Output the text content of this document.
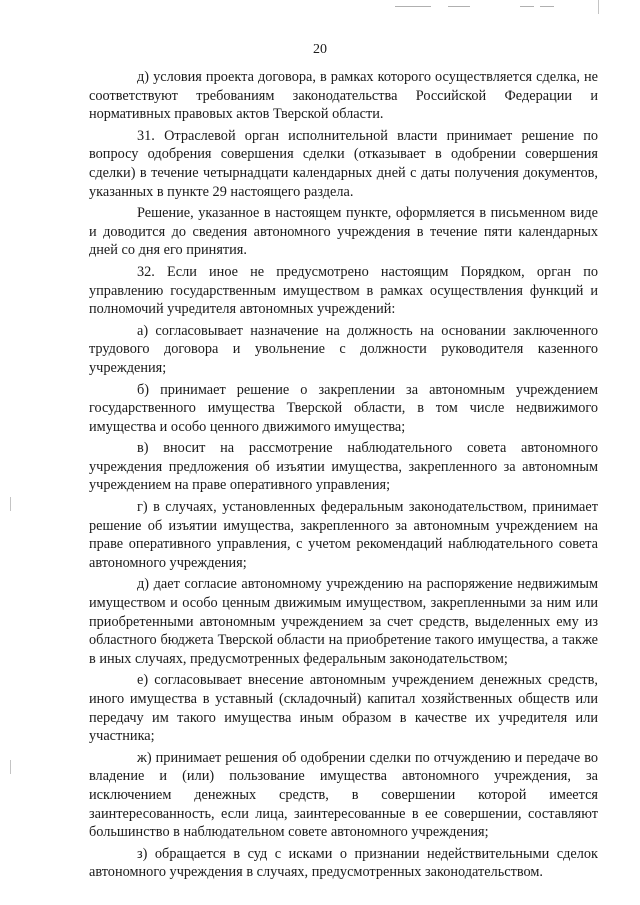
20

д) условия проекта договора, в рамках которого осуществляется сделка, не соответствуют требованиям законодательства Российской Федерации и нормативных правовых актов Тверской области.

31. Отраслевой орган исполнительной власти принимает решение по вопросу одобрения совершения сделки (отказывает в одобрении совершения сделки) в течение четырнадцати календарных дней с даты получения документов, указанных в пункте 29 настоящего раздела.

Решение, указанное в настоящем пункте, оформляется в письменном виде и доводится до сведения автономного учреждения в течение пяти календарных дней со дня его принятия.

32. Если иное не предусмотрено настоящим Порядком, орган по управлению государственным имуществом в рамках осуществления функций и полномочий учредителя автономных учреждений:

а) согласовывает назначение на должность на основании заключенного трудового договора и увольнение с должности руководителя казенного учреждения;

б) принимает решение о закреплении за автономным учреждением государственного имущества Тверской области, в том числе недвижимого имущества и особо ценного движимого имущества;

в) вносит на рассмотрение наблюдательного совета автономного учреждения предложения об изъятии имущества, закрепленного за автономным учреждением на праве оперативного управления;

г) в случаях, установленных федеральным законодательством, принимает решение об изъятии имущества, закрепленного за автономным учреждением на праве оперативного управления, с учетом рекомендаций наблюдательного совета автономного учреждения;

д) дает согласие автономному учреждению на распоряжение недвижимым имуществом и особо ценным движимым имуществом, закрепленными за ним или приобретенными автономным учреждением за счет средств, выделенных ему из областного бюджета Тверской области на приобретение такого имущества, а также в иных случаях, предусмотренных федеральным законодательством;

е) согласовывает внесение автономным учреждением денежных средств, иного имущества в уставный (складочный) капитал хозяйственных обществ или передачу им такого имущества иным образом в качестве их учредителя или участника;

ж) принимает решения об одобрении сделки по отчуждению и передаче во владение и (или) пользование имущества автономного учреждения, за исключением денежных средств, в совершении которой имеется заинтересованность, если лица, заинтересованные в ее совершении, составляют большинство в наблюдательном совете автономного учреждения;

з) обращается в суд с исками о признании недействительными сделок автономного учреждения в случаях, предусмотренных законодательством.
